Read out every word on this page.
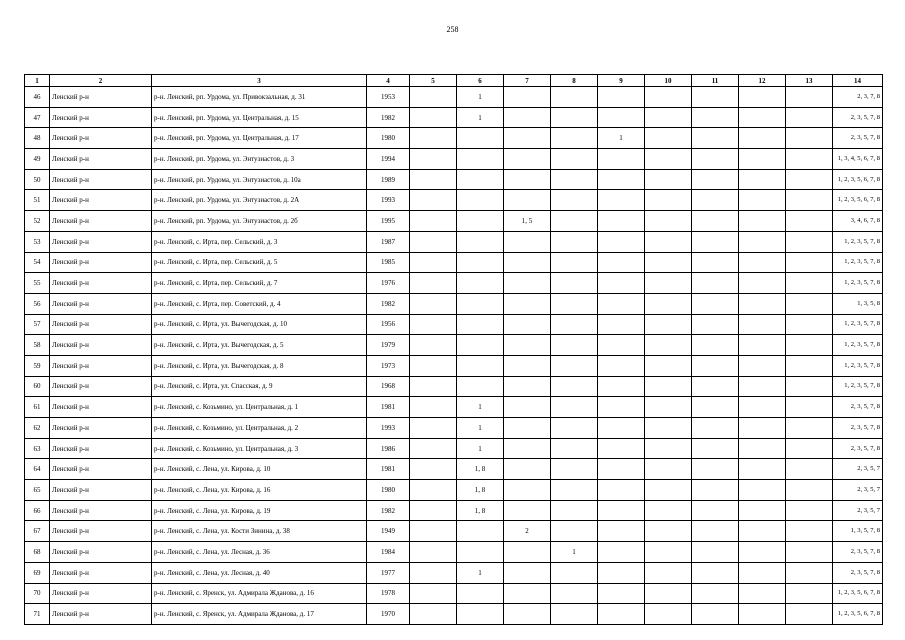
258
1	2	3	4	5	6	7	8	9	10	11	12	13	14
46	Ленский р-н	р-н. Ленский, рп. Урдома, ул. Привокзальная, д. 31	1953		1								2, 3, 7, 8
47	Ленский р-н	р-н. Ленский, рп. Урдома, ул. Центральная, д. 15	1982		1								2, 3, 5, 7, 8
48	Ленский р-н	р-н. Ленский, рп. Урдома, ул. Центральная, д. 17	1980					1					2, 3, 5, 7, 8
49	Ленский р-н	р-н. Ленский, рп. Урдома, ул. Энтузиастов, д. 3	1994										1, 3, 4, 5, 6, 7, 8
50	Ленский р-н	р-н. Ленский, рп. Урдома, ул. Энтузиастов, д. 10а	1989										1, 2, 3, 5, 6, 7, 8
51	Ленский р-н	р-н. Ленский, рп. Урдома, ул. Энтузиастов, д. 2А	1993										1, 2, 3, 5, 6, 7, 8
52	Ленский р-н	р-н. Ленский, рп. Урдома, ул. Энтузиастов, д. 2б	1995			1, 5							3, 4, 6, 7, 8
53	Ленский р-н	р-н. Ленский, с. Ирта, пер. Сельский, д. 3	1987										1, 2, 3, 5, 7, 8
54	Ленский р-н	р-н. Ленский, с. Ирта, пер. Сельский, д. 5	1985										1, 2, 3, 5, 7, 8
55	Ленский р-н	р-н. Ленский, с. Ирта, пер. Сельский, д. 7	1976										1, 2, 3, 5, 7, 8
56	Ленский р-н	р-н. Ленский, с. Ирта, пер. Советский, д. 4	1982										1, 3, 5, 8
57	Ленский р-н	р-н. Ленский, с. Ирта, ул. Вычегодская, д. 10	1956										1, 2, 3, 5, 7, 8
58	Ленский р-н	р-н. Ленский, с. Ирта, ул. Вычегодская, д. 5	1979										1, 2, 3, 5, 7, 8
59	Ленский р-н	р-н. Ленский, с. Ирта, ул. Вычегодская, д. 8	1973										1, 2, 3, 5, 7, 8
60	Ленский р-н	р-н. Ленский, с. Ирта, ул. Спасская, д. 9	1968										1, 2, 3, 5, 7, 8
61	Ленский р-н	р-н. Ленский, с. Козьмино, ул. Центральная, д. 1	1981		1								2, 3, 5, 7, 8
62	Ленский р-н	р-н. Ленский, с. Козьмино, ул. Центральная, д. 2	1993		1								2, 3, 5, 7, 8
63	Ленский р-н	р-н. Ленский, с. Козьмино, ул. Центральная, д. 3	1986		1								2, 3, 5, 7, 8
64	Ленский р-н	р-н. Ленский, с. Лена, ул. Кирова, д. 10	1981		1, 8								2, 3, 5, 7
65	Ленский р-н	р-н. Ленский, с. Лена, ул. Кирова, д. 16	1980		1, 8								2, 3, 5, 7
66	Ленский р-н	р-н. Ленский, с. Лена, ул. Кирова, д. 19	1982		1, 8								2, 3, 5, 7
67	Ленский р-н	р-н. Ленский, с. Лена, ул. Кости Зинина, д. 38	1949			2							1, 3, 5, 7, 8
68	Ленский р-н	р-н. Ленский, с. Лена, ул. Лесная, д. 36	1984				1						2, 3, 5, 7, 8
69	Ленский р-н	р-н. Ленский, с. Лена, ул. Лесная, д. 40	1977		1								2, 3, 5, 7, 8
70	Ленский р-н	р-н. Ленский, с. Яренск, ул. Адмирала Жданова, д. 16	1978										1, 2, 3, 5, 6, 7, 8
71	Ленский р-н	р-н. Ленский, с. Яренск, ул. Адмирала Жданова, д. 17	1970										1, 2, 3, 5, 6, 7, 8
